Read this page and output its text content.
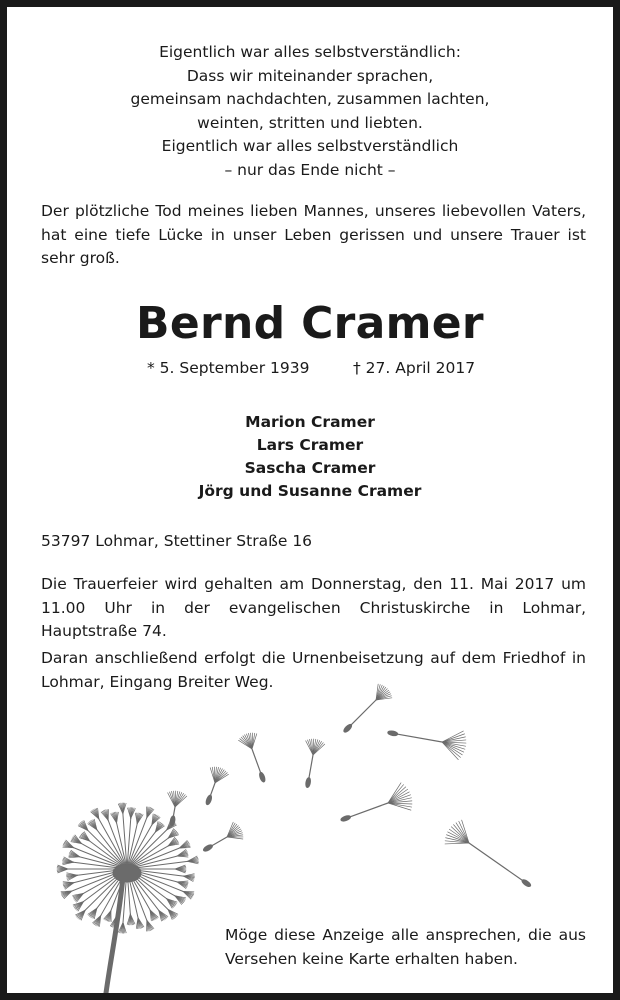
Eigentlich war alles selbstverständlich:
Dass wir miteinander sprachen,
gemeinsam nachdachten, zusammen lachten,
weinten, stritten und liebten.
Eigentlich war alles selbstverständlich
– nur das Ende nicht –
Der plötzliche Tod meines lieben Mannes, unseres liebevollen Vaters, hat eine tiefe Lücke in unser Leben gerissen und unsere Trauer ist sehr groß.
Bernd Cramer
* 5. September 1939	† 27. April 2017
Marion Cramer
Lars Cramer
Sascha Cramer
Jörg und Susanne Cramer
53797 Lohmar, Stettiner Straße 16
Die Trauerfeier wird gehalten am Donnerstag, den 11. Mai 2017 um 11.00 Uhr in der evangelischen Christuskirche in Lohmar, Hauptstraße 74.
Daran anschließend erfolgt die Urnenbeisetzung auf dem Friedhof in Lohmar, Eingang Breiter Weg.
Möge diese Anzeige alle ansprechen, die aus Versehen keine Karte erhalten haben.
